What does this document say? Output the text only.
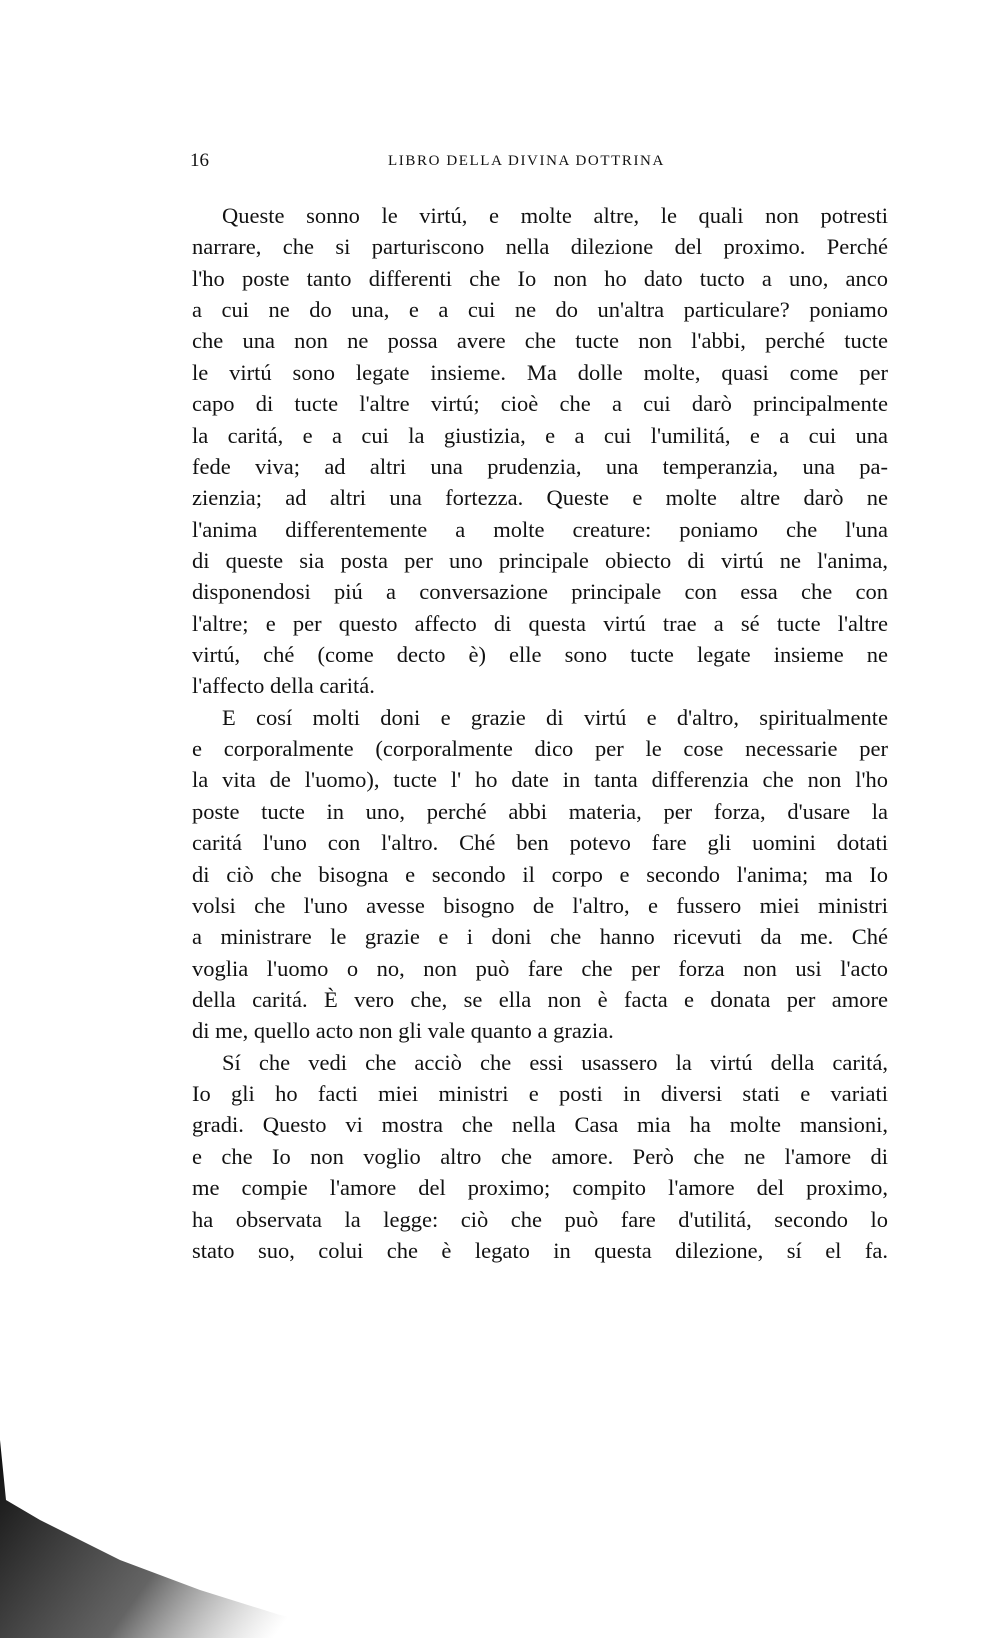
16	LIBRO DELLA DIVINA DOTTRINA
Queste sonno le virtú, e molte altre, le quali non potresti
narrare, che si parturiscono nella dilezione del proximo. Perché
l'ho poste tanto differenti che Io non ho dato tucto a uno, anco
a cui ne do una, e a cui ne do un'altra particulare? poniamo
che una non ne possa avere che tucte non l'abbi, perché tucte
le virtú sono legate insieme. Ma dolle molte, quasi come per
capo di tucte l'altre virtú; cioè che a cui darò principalmente
la caritá, e a cui la giustizia, e a cui l'umilitá, e a cui una
fede viva; ad altri una prudenzia, una temperanzia, una pa-
zienzia; ad altri una fortezza. Queste e molte altre darò ne
l'anima differentemente a molte creature: poniamo che l'una
di queste sia posta per uno principale obiecto di virtú ne l'anima,
disponendosi piú a conversazione principale con essa che con
l'altre; e per questo affecto di questa virtú trae a sé tucte l'altre
virtú, ché (come decto è) elle sono tucte legate insieme ne
l'affecto della caritá.
E cosí molti doni e grazie di virtú e d'altro, spiritualmente
e corporalmente (corporalmente dico per le cose necessarie per
la vita de l'uomo), tucte l' ho date in tanta differenzia che non l'ho
poste tucte in uno, perché abbi materia, per forza, d'usare la
caritá l'uno con l'altro. Ché ben potevo fare gli uomini dotati
di ciò che bisogna e secondo il corpo e secondo l'anima; ma Io
volsi che l'uno avesse bisogno de l'altro, e fussero miei ministri
a ministrare le grazie e i doni che hanno ricevuti da me. Ché
voglia l'uomo o no, non può fare che per forza non usi l'acto
della caritá. È vero che, se ella non è facta e donata per amore
di me, quello acto non gli vale quanto a grazia.
Sí che vedi che acciò che essi usassero la virtú della caritá,
Io gli ho facti miei ministri e posti in diversi stati e variati
gradi. Questo vi mostra che nella Casa mia ha molte mansioni,
e che Io non voglio altro che amore. Però che ne l'amore di
me compie l'amore del proximo; compito l'amore del proximo,
ha observata la legge: ciò che può fare d'utilitá, secondo lo
stato suo, colui che è legato in questa dilezione, sí el fa.
